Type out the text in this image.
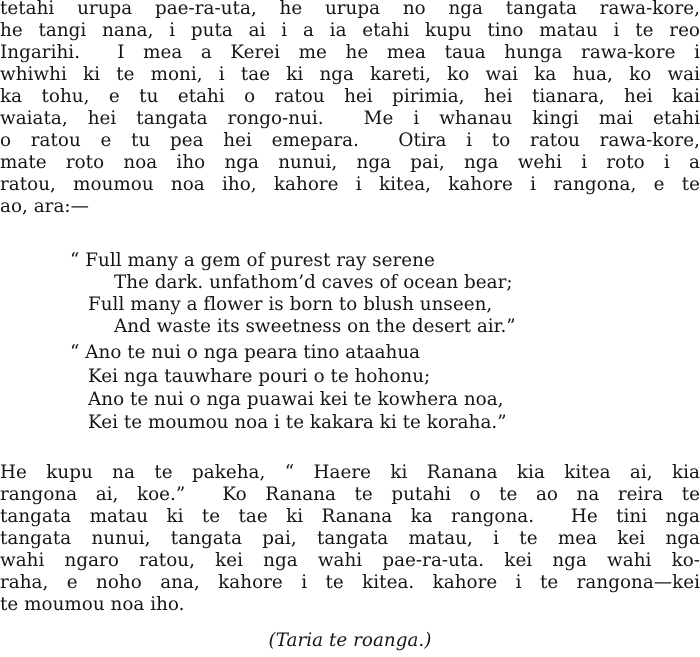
tetahi urupa pae-ra-uta, he urupa no nga tangata rawa-kore,
he tangi nana, i puta ai i a ia etahi kupu tino matau i te reo
Ingarihi.  I mea a Kerei me he mea taua hunga rawa-kore i
whiwhi ki te moni, i tae ki nga kareti, ko wai ka hua, ko wai
ka tohu, e tu etahi o ratou hei pirimia, hei tianara, hei kai
waiata, hei tangata rongo-nui.  Me i whanau kingi mai etahi
o ratou e tu pea hei emepara.  Otira i to ratou rawa-kore,
mate roto noa iho nga nunui, nga pai, nga wehi i roto i a
ratou, moumou noa iho, kahore i kitea, kahore i rangona, e te
ao, ara:—
“ Full many a gem of purest ray serene
The dark. unfathom’d caves of ocean bear;
Full many a flower is born to blush unseen,
And waste its sweetness on the desert air.”
“ Ano te nui o nga peara tino ataahua
Kei nga tauwhare pouri o te hohonu;
Ano te nui o nga puawai kei te kowhera noa,
Kei te moumou noa i te kakara ki te koraha.”
He kupu na te pakeha, “ Haere ki Ranana kia kitea ai, kia
rangona ai, koe.”  Ko Ranana te putahi o te ao na reira te
tangata matau ki te tae ki Ranana ka rangona.  He tini nga
tangata nunui, tangata pai, tangata matau, i te mea kei nga
wahi ngaro ratou, kei nga wahi pae-ra-uta. kei nga wahi ko-
raha, e noho ana, kahore i te kitea. kahore i te rangona—kei
te moumou noa iho.
(Taria te roanga.)
